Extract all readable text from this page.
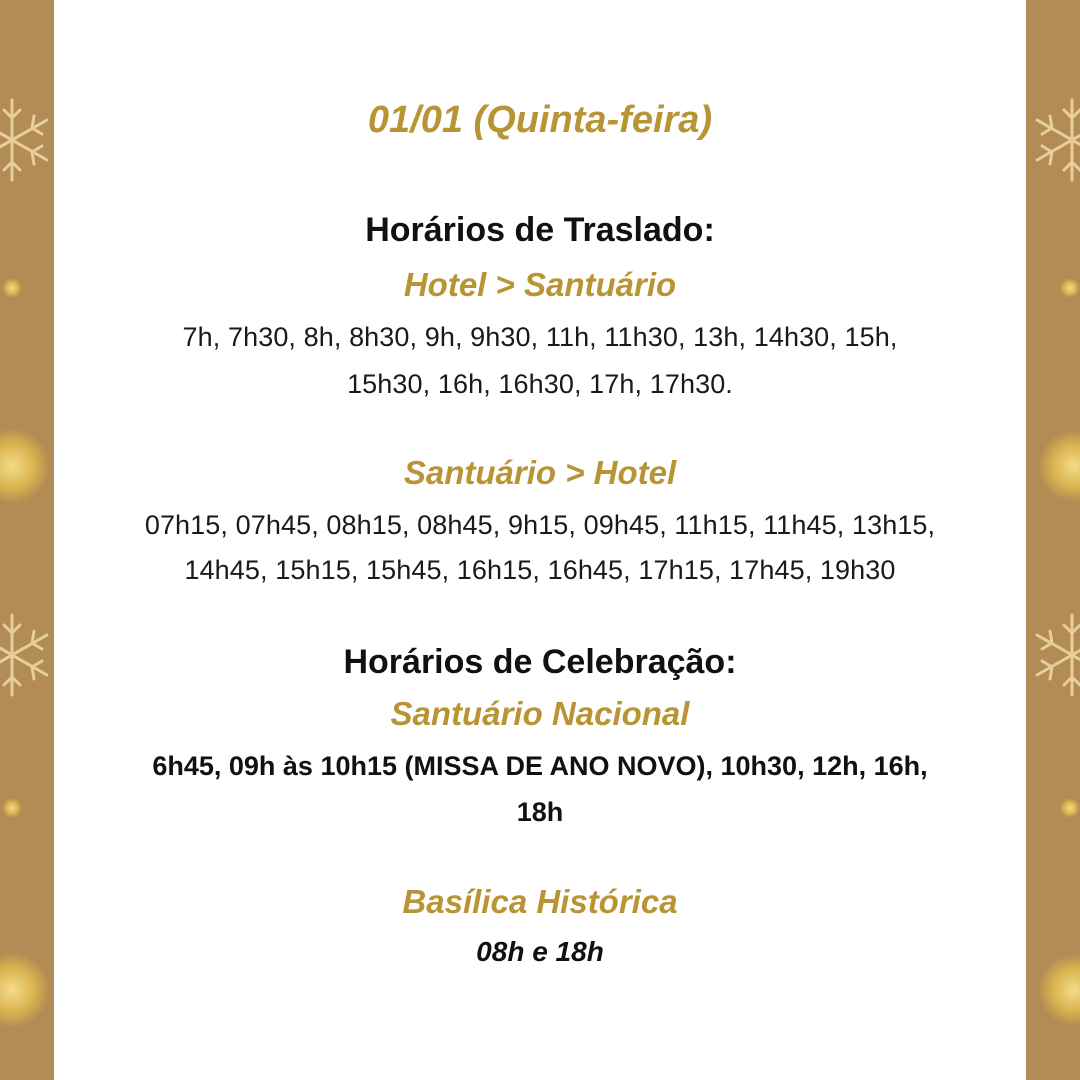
01/01 (Quinta-feira)
Horários de Traslado:
Hotel > Santuário

7h, 7h30, 8h, 8h30, 9h, 9h30, 11h, 11h30, 13h, 14h30, 15h,

15h30, 16h, 16h30, 17h, 17h30.

Santuário > Hotel

07h15, 07h45, 08h15, 08h45, 9h15, 09h45, 11h15, 11h45, 13h15,

14h45, 15h15, 15h45, 16h15, 16h45, 17h15, 17h45, 19h30

Horários de Celebração:
Santuário Nacional

6h45, 09h às 10h15 (MISSA DE ANO NOVO), 10h30, 12h, 16h,

18h

Basílica Histórica

08h e 18h
